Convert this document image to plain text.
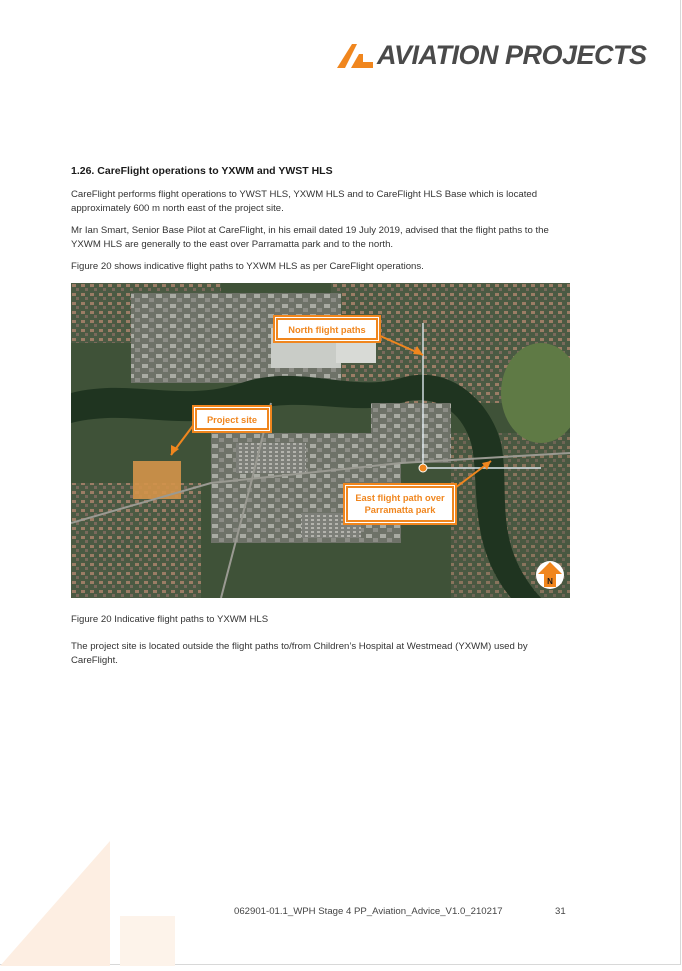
AVIATION PROJECTS

1.26. CareFlight operations to YXWM and YWST HLS

CareFlight performs flight operations to YWST HLS, YXWM HLS and to CareFlight HLS Base which is located approximately 600 m north east of the project site.

Mr Ian Smart, Senior Base Pilot at CareFlight, in his email dated 19 July 2019, advised that the flight paths to the YXWM HLS are generally to the east over Parramatta park and to the north.

Figure 20 shows indicative flight paths to YXWM HLS as per CareFlight operations.

North flight paths
Project site
East flight path over
Parramatta park
N
Figure 20 Indicative flight paths to YXWM HLS
The project site is located outside the flight paths to/from Children’s Hospital at Westmead (YXWM) used by CareFlight.
062901-01.1_WPH Stage 4 PP_Aviation_Advice_V1.0_210217	31
